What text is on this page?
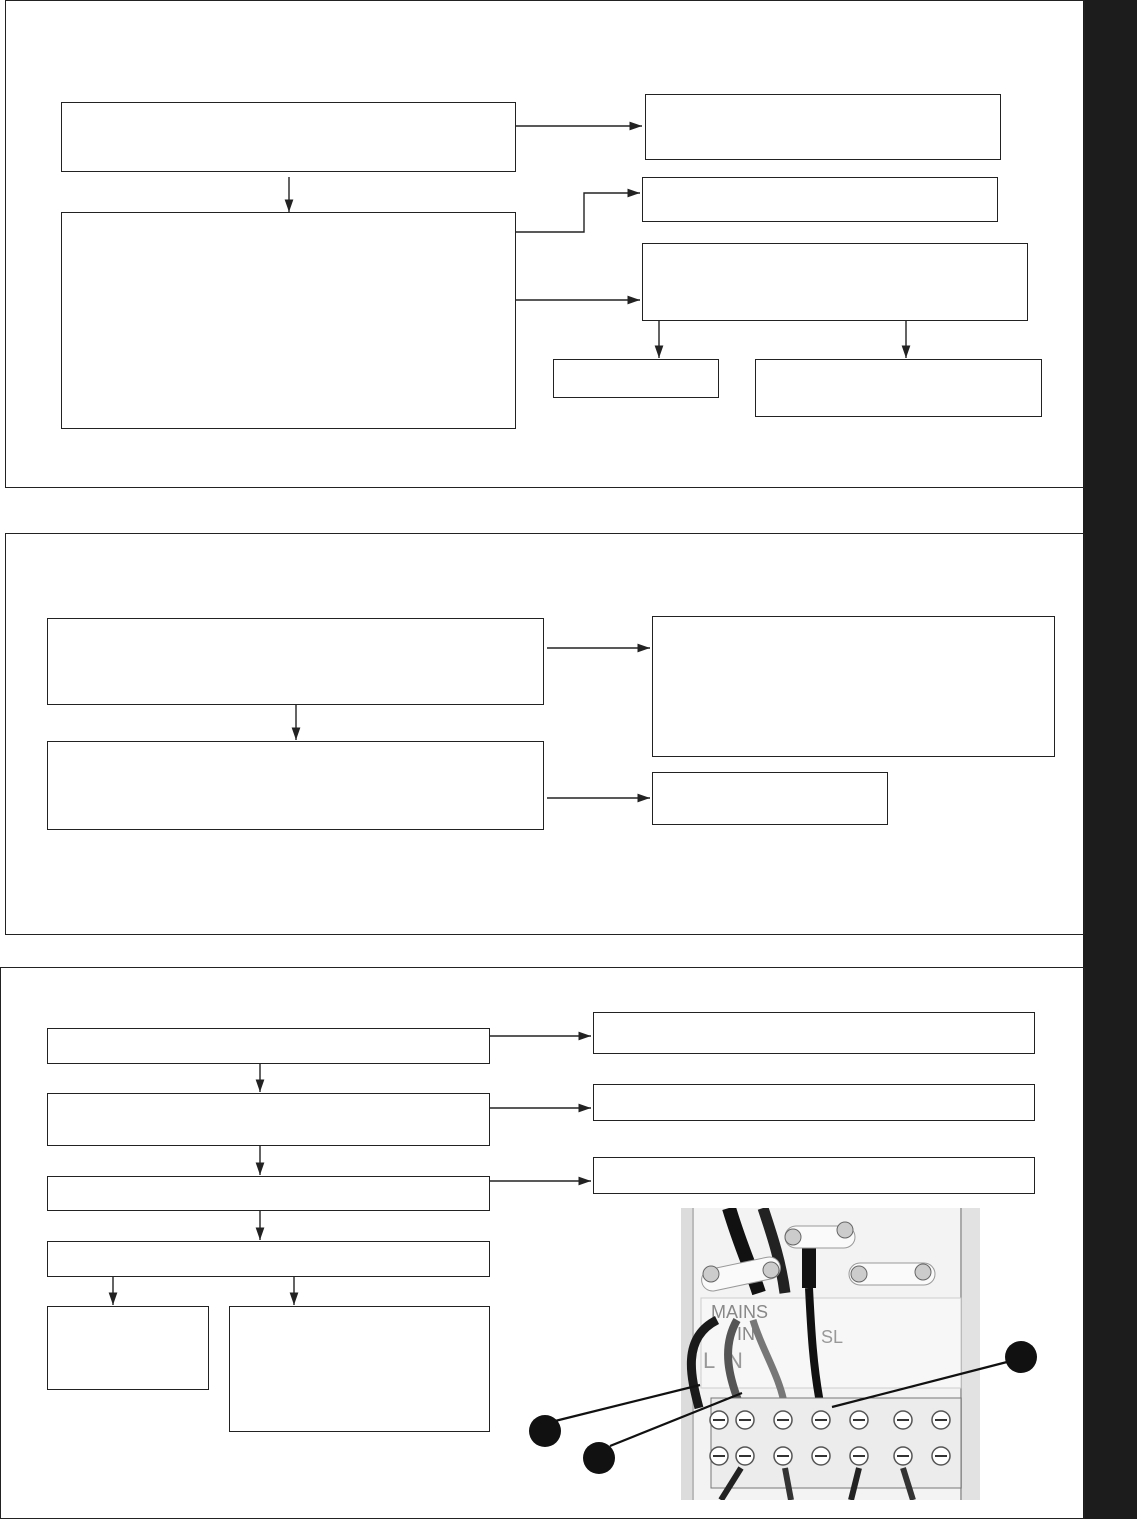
MAINS
IN
L N
SL
